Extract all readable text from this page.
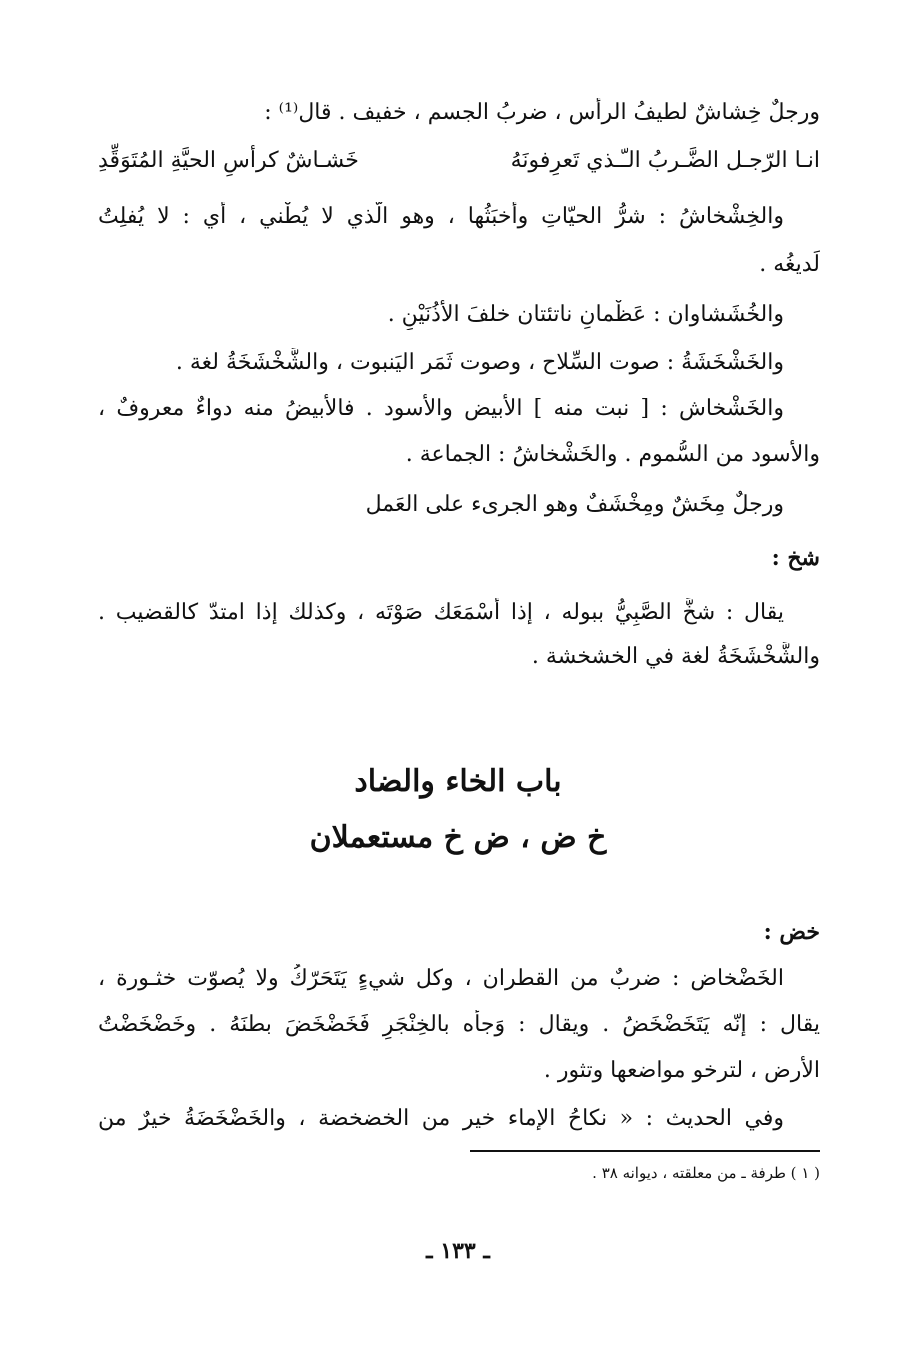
ورجلٌ خِشاشٌ لطيفُ الرأس ، ضربُ الجسم ، خفيف . قال⁽¹⁾ :
انـا الرّجـل الضَّـربُ الـّـذي تَعرِفونَهُ
خَشـاشٌ كرأسِ الحيَّةِ المُتَوَقِّدِ
والخِشْخاشُ : شرُّ الحيّاتِ وأخبَثُها ، وهو الّذي لا يُطْني ، أي : لا يُفلِتُ
لَديغُه .
والخُشَشاوان : عَظْمانِ ناتئتان خلفَ الأذُنَيْنِ .
والخَشْخَشَةُ : صوت السِّلاح ، وصوت ثَمَر اليَنبوت ، والشَّخْشَخَةُ لغة .
والخَشْخاش : [ نبت منه ] الأبيض والأسود . فالأبيضُ منه دواءٌ معروفٌ ،
والأسود من السُّموم . والخَشْخاشُ : الجماعة .
ورجلٌ مِخَشٌ ومِخْشَفٌ وهو الجرىء على العَمل
شخ :
يقال : شخَّ الصَّبِيُّ ببوله ، إذا أسْمَعَك صَوْتَه ، وكذلك إذا امتدّ كالقضيب .
والشَّخْشَخَةُ لغة في الخشخشة .
باب الخاء والضاد
خ ض ، ض خ مستعملان
خض :
الخَضْخاض : ضربٌ من القطران ، وكل شيءٍ يَتَحَرّكُ ولا يُصوّت خثـورة ،
يقال : إنّه يَتَخَضْخَضُ . ويقال : وَجأه بالخِنْجَرِ فَخَضْخَضَ بطنَهُ . وخَضْخَضْتُ
الأرض ، لترخو مواضعها وتثور .
وفي الحديث : « نكاحُ الإماء خير من الخضخضة ، والخَضْخَضَةُ خيرٌ من
( ١ ) طرفة ـ من معلقته ، ديوانه ٣٨ .
ـ ١٣٣ ـ
